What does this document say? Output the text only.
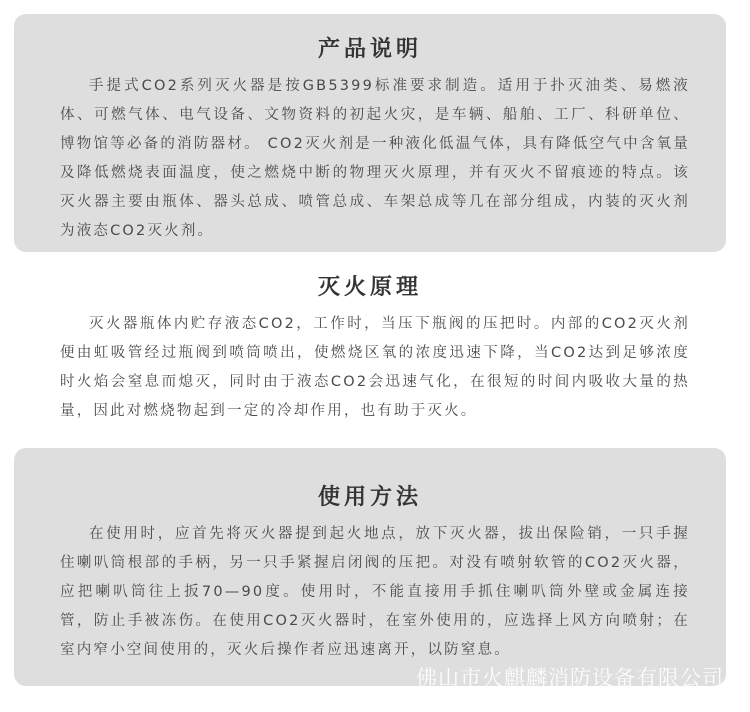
产品说明

手提式CO2系列灭火器是按GB5399标准要求制造。适用于扑灭油类、易燃液体、可燃气体、电气设备、文物资料的初起火灾，是车辆、船舶、工厂、科研单位、博物馆等必备的消防器材。 CO2灭火剂是一种液化低温气体，具有降低空气中含氧量及降低燃烧表面温度，使之燃烧中断的物理灭火原理，并有灭火不留痕迹的特点。该灭火器主要由瓶体、器头总成、喷管总成、车架总成等几在部分组成，内装的灭火剂为液态CO2灭火剂。

灭火原理

灭火器瓶体内贮存液态CO2，工作时，当压下瓶阀的压把时。内部的CO2灭火剂便由虹吸管经过瓶阀到喷筒喷出，使燃烧区氧的浓度迅速下降，当CO2达到足够浓度时火焰会窒息而熄灭，同时由于液态CO2会迅速气化，在很短的时间内吸收大量的热量，因此对燃烧物起到一定的冷却作用，也有助于灭火。

使用方法

在使用时，应首先将灭火器提到起火地点，放下灭火器，拔出保险销，一只手握住喇叭筒根部的手柄，另一只手紧握启闭阀的压把。对没有喷射软管的CO2灭火器，应把喇叭筒往上扳70—90度。使用时，不能直接用手抓住喇叭筒外壁或金属连接管，防止手被冻伤。在使用CO2灭火器时，在室外使用的，应选择上风方向喷射；在室内窄小空间使用的，灭火后操作者应迅速离开，以防窒息。

佛山市火麒麟消防设备有限公司
